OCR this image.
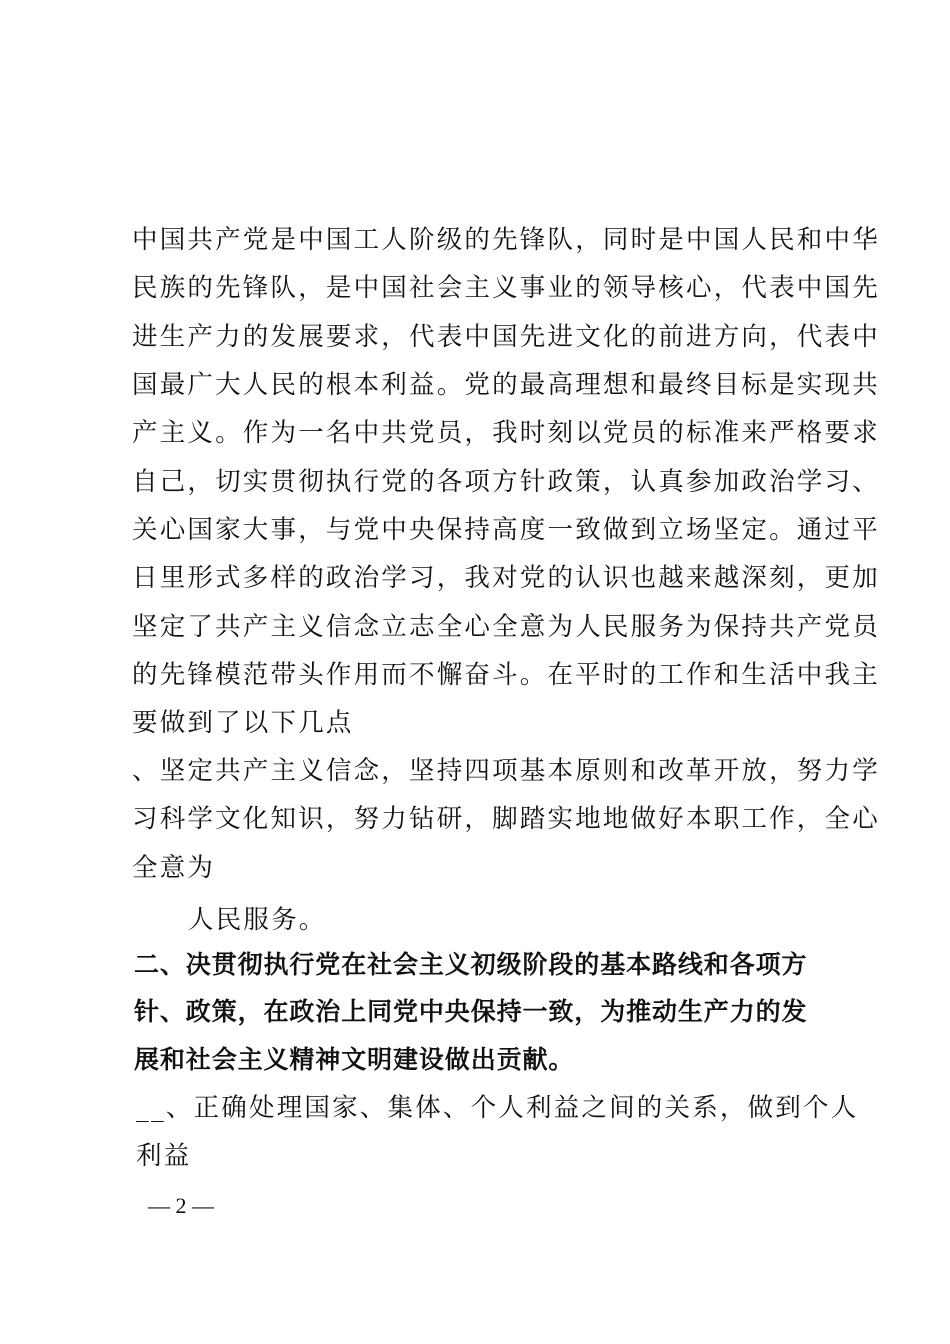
中国共产党是中国工人阶级的先锋队，同时是中国人民和中华
民族的先锋队，是中国社会主义事业的领导核心，代表中国先
进生产力的发展要求，代表中国先进文化的前进方向，代表中
国最广大人民的根本利益。党的最高理想和最终目标是实现共
产主义。作为一名中共党员，我时刻以党员的标准来严格要求
自己，切实贯彻执行党的各项方针政策，认真参加政治学习、
关心国家大事，与党中央保持高度一致做到立场坚定。通过平
日里形式多样的政治学习，我对党的认识也越来越深刻，更加
坚定了共产主义信念立志全心全意为人民服务为保持共产党员
的先锋模范带头作用而不懈奋斗。在平时的工作和生活中我主
要做到了以下几点
、坚定共产主义信念，坚持四项基本原则和改革开放，努力学
习科学文化知识，努力钻研，脚踏实地地做好本职工作，全心
全意为
人民服务。
二、决贯彻执行党在社会主义初级阶段的基本路线和各项方
针、政策，在政治上同党中央保持一致，为推动生产力的发
展和社会主义精神文明建设做出贡献。
__、正确处理国家、集体、个人利益之间的关系，做到个人
利益
— 2 —
